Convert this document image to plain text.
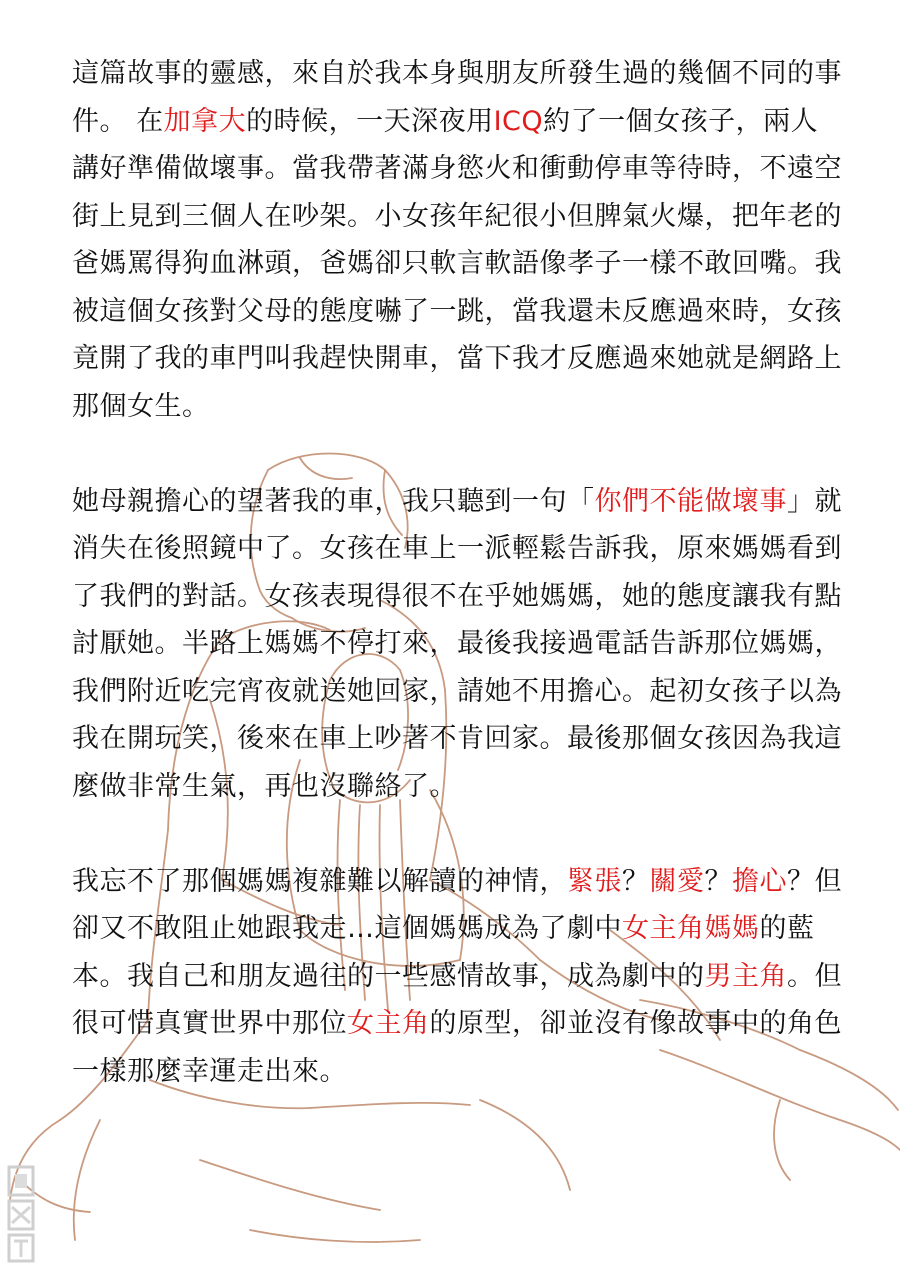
這篇故事的靈感，來自於我本身與朋友所發生過的幾個不同的事件。 在加拿大的時候，一天深夜用ICQ約了一個女孩子，兩人講好準備做壞事。當我帶著滿身慾火和衝動停車等待時，不遠空街上見到三個人在吵架。小女孩年紀很小但脾氣火爆，把年老的爸媽罵得狗血淋頭，爸媽卻只軟言軟語像孝子一樣不敢回嘴。我被這個女孩對父母的態度嚇了一跳，當我還未反應過來時，女孩竟開了我的車門叫我趕快開車，當下我才反應過來她就是網路上那個女生。

她母親擔心的望著我的車，我只聽到一句「你們不能做壞事」就消失在後照鏡中了。女孩在車上一派輕鬆告訴我，原來媽媽看到了我們的對話。女孩表現得很不在乎她媽媽，她的態度讓我有點討厭她。半路上媽媽不停打來，最後我接過電話告訴那位媽媽，我們附近吃完宵夜就送她回家，請她不用擔心。起初女孩子以為我在開玩笑，後來在車上吵著不肯回家。最後那個女孩因為我這麼做非常生氣，再也沒聯絡了。

我忘不了那個媽媽複雜難以解讀的神情，緊張？關愛？擔心？但卻又不敢阻止她跟我走…這個媽媽成為了劇中女主角媽媽的藍本。我自己和朋友過往的一些感情故事，成為劇中的男主角。但很可惜真實世界中那位女主角的原型，卻並沒有像故事中的角色一樣那麼幸運走出來。
